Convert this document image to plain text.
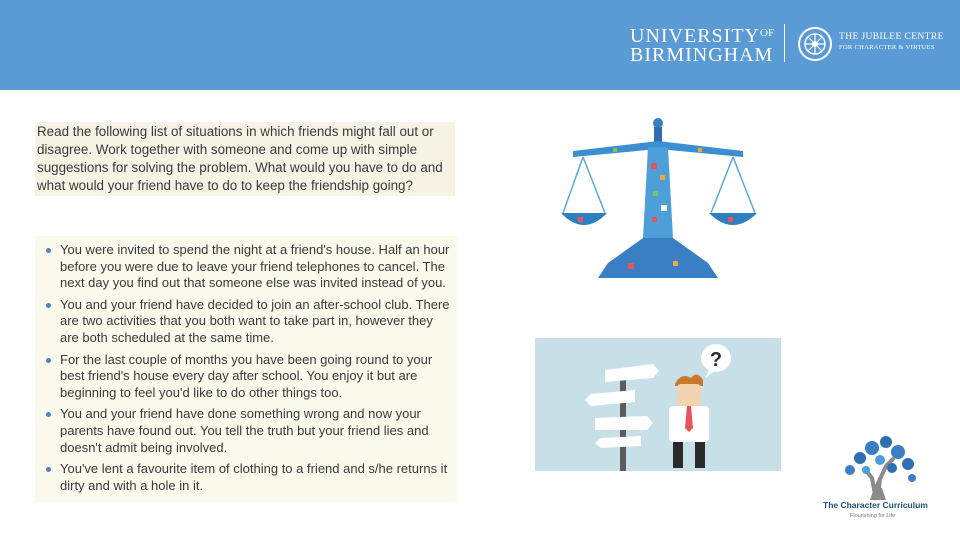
$UNIVERSITY^{OF}$
BIRMINGHAM
THE JUBILEE CENTRE
FOR CHARACTER & VIRTUES
Read the following list of situations in which friends might fall out or
disagree. Work together with someone and come up with simple
suggestions for solving the problem. What would you have to do and
what would your friend have to do to keep the friendship going?
You were invited to spend the night at a friend's house. Half an hour
before you were due to leave your friend telephones to cancel. The
next day you find out that someone else was invited instead of you.
You and your friend have decided to join an after-school club. There
are two activities that you both want to take part in, however they
are both scheduled at the same time.
For the last couple of months you have been going round to your
best friend's house every day after school. You enjoy it but are
beginning to feel you'd like to do other things too.
You and your friend have done something wrong and now your
parents have found out. You tell the truth but your friend lies and
doesn't admit being involved.
You've lent a favourite item of clothing to a friend and s/he returns it
dirty and with a hole in it.
?
The Character Curriculum
Flourishing for Life
